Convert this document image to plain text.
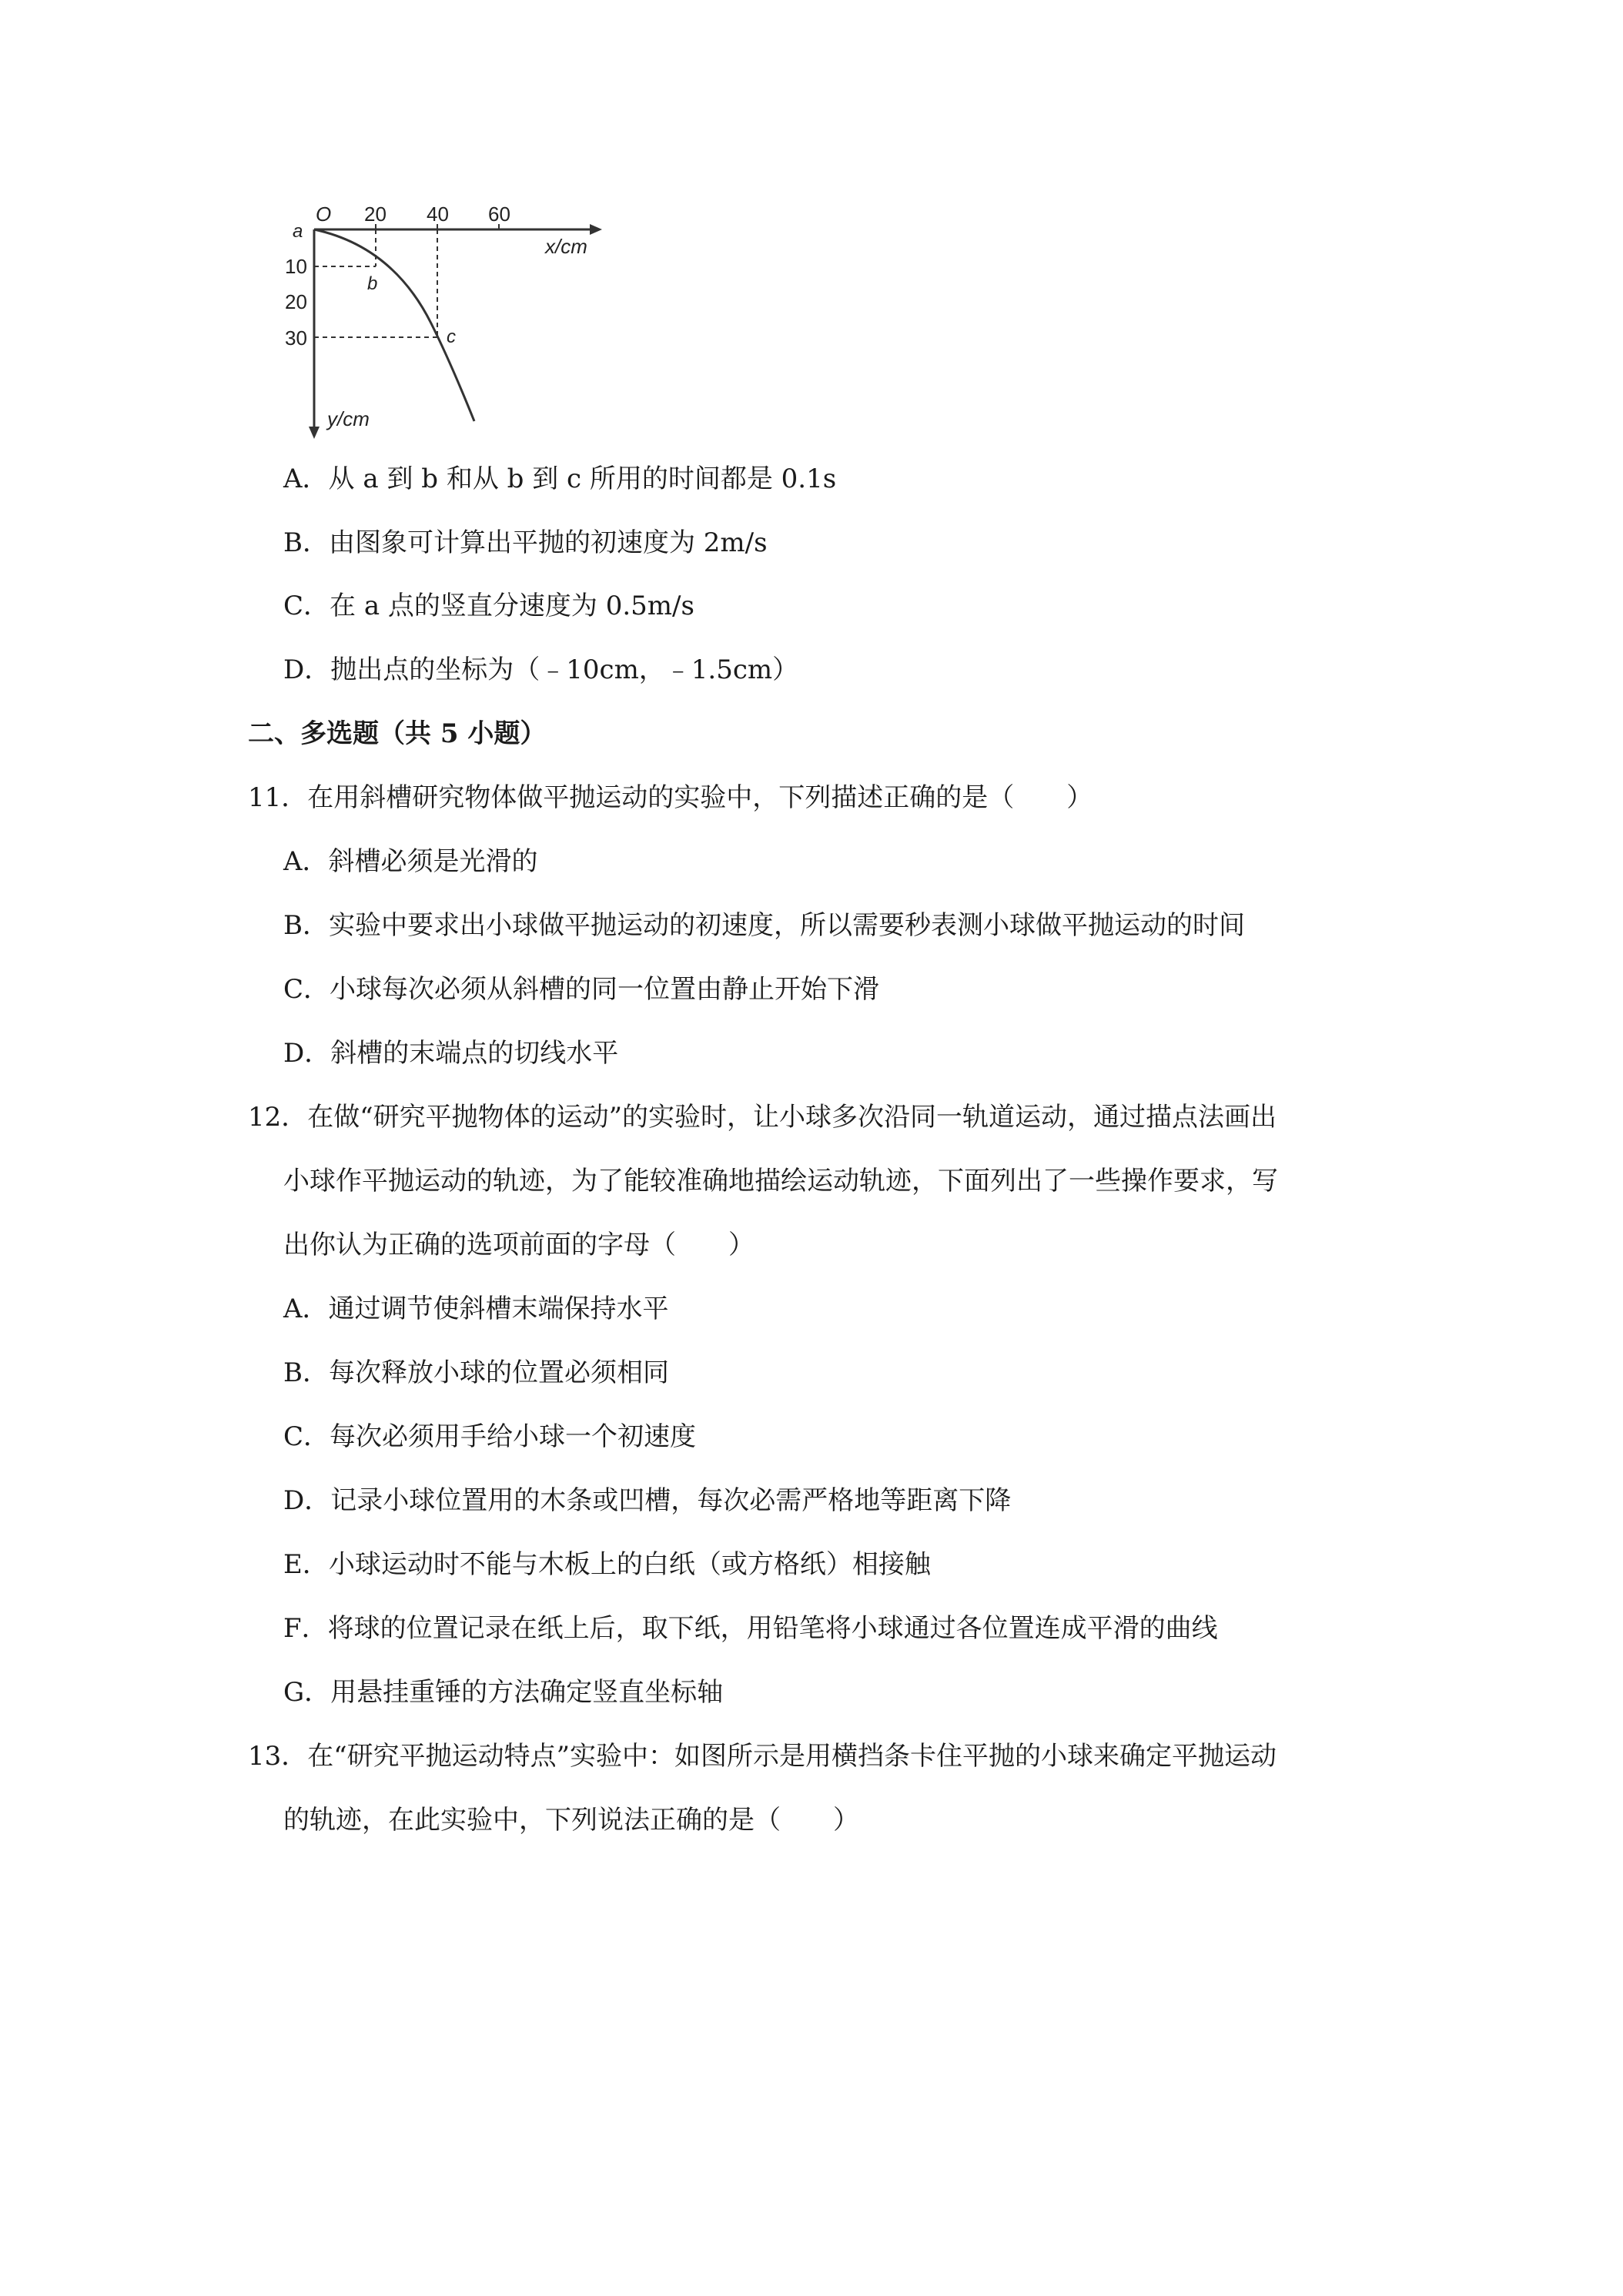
O
a
b
c
20 40 60
10
20
30
x/cm
y/cm
A．从 a 到 b 和从 b 到 c 所用的时间都是 0.1s
B．由图象可计算出平抛的初速度为 2m/s
C．在 a 点的竖直分速度为 0.5m/s
D．抛出点的坐标为（﹣10cm，﹣1.5cm）
二、多选题（共 5 小题）
11．在用斜槽研究物体做平抛运动的实验中，下列描述正确的是（　　）
A．斜槽必须是光滑的
B．实验中要求出小球做平抛运动的初速度，所以需要秒表测小球做平抛运动的时间
C．小球每次必须从斜槽的同一位置由静止开始下滑
D．斜槽的末端点的切线水平
12．在做“研究平抛物体的运动”的实验时，让小球多次沿同一轨道运动，通过描点法画出
小球作平抛运动的轨迹，为了能较准确地描绘运动轨迹，下面列出了一些操作要求，写
出你认为正确的选项前面的字母（　　）
A．通过调节使斜槽末端保持水平
B．每次释放小球的位置必须相同
C．每次必须用手给小球一个初速度
D．记录小球位置用的木条或凹槽，每次必需严格地等距离下降
E．小球运动时不能与木板上的白纸（或方格纸）相接触
F．将球的位置记录在纸上后，取下纸，用铅笔将小球通过各位置连成平滑的曲线
G．用悬挂重锤的方法确定竖直坐标轴
13．在“研究平抛运动特点”实验中：如图所示是用横挡条卡住平抛的小球来确定平抛运动
的轨迹，在此实验中，下列说法正确的是（　　）
